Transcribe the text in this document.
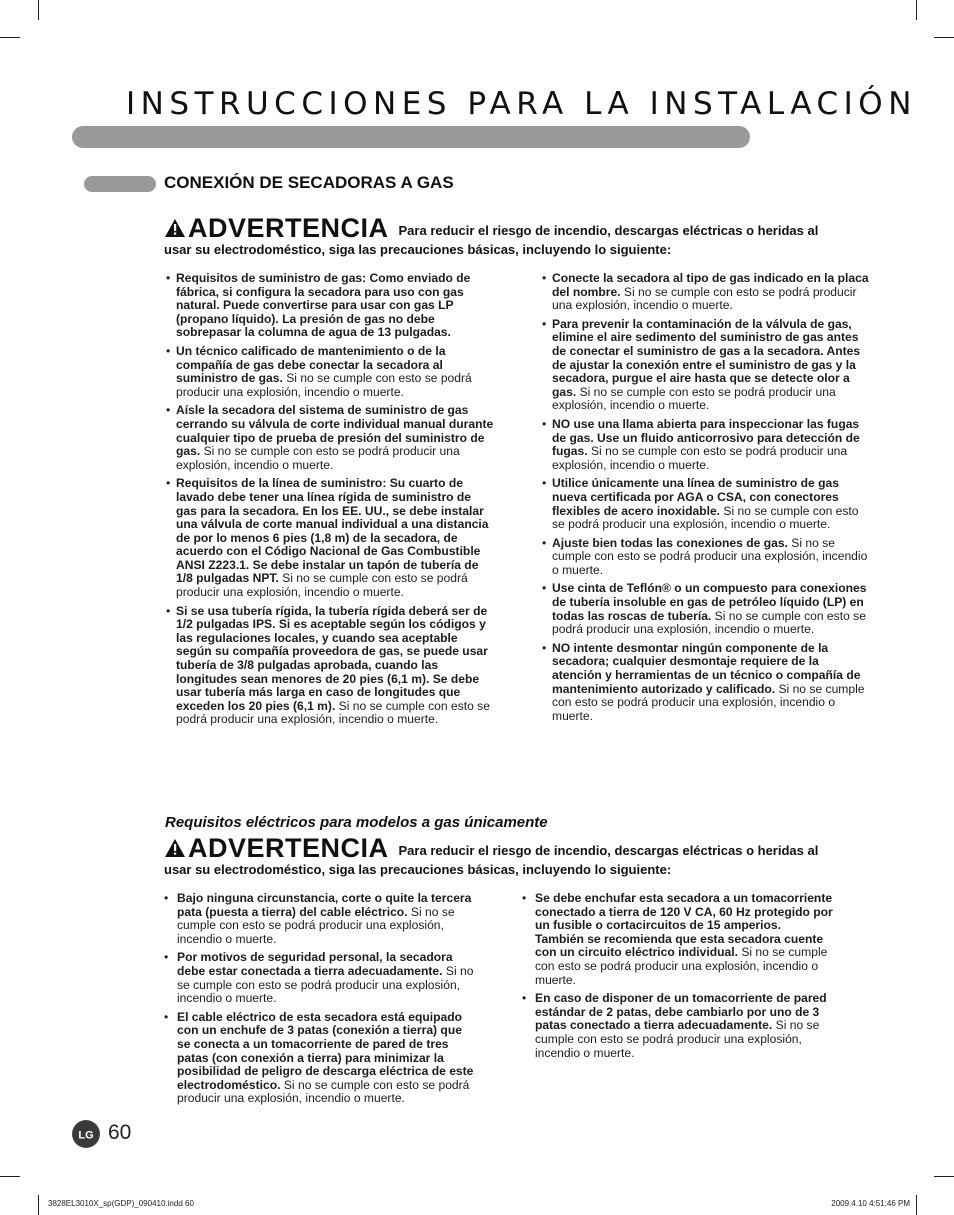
INSTRUCCIONES PARA LA INSTALACIÓN
CONEXIÓN DE SECADORAS A GAS
ADVERTENCIA Para reducir el riesgo de incendio, descargas eléctricas o heridas al usar su electrodoméstico, siga las precauciones básicas, incluyendo lo siguiente:
• Requisitos de suministro de gas: Como enviado de fábrica, si configura la secadora para uso con gas natural. Puede convertirse para usar con gas LP (propano líquido). La presión de gas no debe sobrepasar la columna de agua de 13 pulgadas.
• Un técnico calificado de mantenimiento o de la compañía de gas debe conectar la secadora al suministro de gas. Si no se cumple con esto se podrá producir una explosión, incendio o muerte.
• Aísle la secadora del sistema de suministro de gas cerrando su válvula de corte individual manual durante cualquier tipo de prueba de presión del suministro de gas. Si no se cumple con esto se podrá producir una explosión, incendio o muerte.
• Requisitos de la línea de suministro: Su cuarto de lavado debe tener una línea rígida de suministro de gas para la secadora. En los EE. UU., se debe instalar una válvula de corte manual individual a una distancia de por lo menos 6 pies (1,8 m) de la secadora, de acuerdo con el Código Nacional de Gas Combustible ANSI Z223.1. Se debe instalar un tapón de tubería de 1/8 pulgadas NPT. Si no se cumple con esto se podrá producir una explosión, incendio o muerte.
• Si se usa tubería rígida, la tubería rígida deberá ser de 1/2 pulgadas IPS. Si es aceptable según los códigos y las regulaciones locales, y cuando sea aceptable según su compañía proveedora de gas, se puede usar tubería de 3/8 pulgadas aprobada, cuando las longitudes sean menores de 20 pies (6,1 m). Se debe usar tubería más larga en caso de longitudes que exceden los 20 pies (6,1 m). Si no se cumple con esto se podrá producir una explosión, incendio o muerte.
• Conecte la secadora al tipo de gas indicado en la placa del nombre. Si no se cumple con esto se podrá producir una explosión, incendio o muerte.
• Para prevenir la contaminación de la válvula de gas, elimine el aire sedimento del suministro de gas antes de conectar el suministro de gas a la secadora. Antes de ajustar la conexión entre el suministro de gas y la secadora, purgue el aire hasta que se detecte olor a gas. Si no se cumple con esto se podrá producir una explosión, incendio o muerte.
• NO use una llama abierta para inspeccionar las fugas de gas. Use un fluido anticorrosivo para detección de fugas. Si no se cumple con esto se podrá producir una explosión, incendio o muerte.
• Utilice únicamente una línea de suministro de gas nueva certificada por AGA o CSA, con conectores flexibles de acero inoxidable. Si no se cumple con esto se podrá producir una explosión, incendio o muerte.
• Ajuste bien todas las conexiones de gas. Si no se cumple con esto se podrá producir una explosión, incendio o muerte.
• Use cinta de Teflón® o un compuesto para conexiones de tubería insoluble en gas de petróleo líquido (LP) en todas las roscas de tubería. Si no se cumple con esto se podrá producir una explosión, incendio o muerte.
• NO intente desmontar ningún componente de la secadora; cualquier desmontaje requiere de la atención y herramientas de un técnico o compañía de mantenimiento autorizado y calificado. Si no se cumple con esto se podrá producir una explosión, incendio o muerte.
Requisitos eléctricos para modelos a gas únicamente
ADVERTENCIA Para reducir el riesgo de incendio, descargas eléctricas o heridas al usar su electrodoméstico, siga las precauciones básicas, incluyendo lo siguiente:
• Bajo ninguna circunstancia, corte o quite la tercera pata (puesta a tierra) del cable eléctrico. Si no se cumple con esto se podrá producir una explosión, incendio o muerte.
• Por motivos de seguridad personal, la secadora debe estar conectada a tierra adecuadamente. Si no se cumple con esto se podrá producir una explosión, incendio o muerte.
• El cable eléctrico de esta secadora está equipado con un enchufe de 3 patas (conexión a tierra) que se conecta a un tomacorriente de pared de tres patas (con conexión a tierra) para minimizar la posibilidad de peligro de descarga eléctrica de este electrodoméstico. Si no se cumple con esto se podrá producir una explosión, incendio o muerte.
• Se debe enchufar esta secadora a un tomacorriente conectado a tierra de 120 V CA, 60 Hz protegido por un fusible o cortacircuitos de 15 amperios. También se recomienda que esta secadora cuente con un circuito eléctrico individual. Si no se cumple con esto se podrá producir una explosión, incendio o muerte.
• En caso de disponer de un tomacorriente de pared estándar de 2 patas, debe cambiarlo por uno de 3 patas conectado a tierra adecuadamente. Si no se cumple con esto se podrá producir una explosión, incendio o muerte.
LG 60
3828EL3010X_sp(GDP)_090410.indd 60	2009.4.10 4:51:46 PM
